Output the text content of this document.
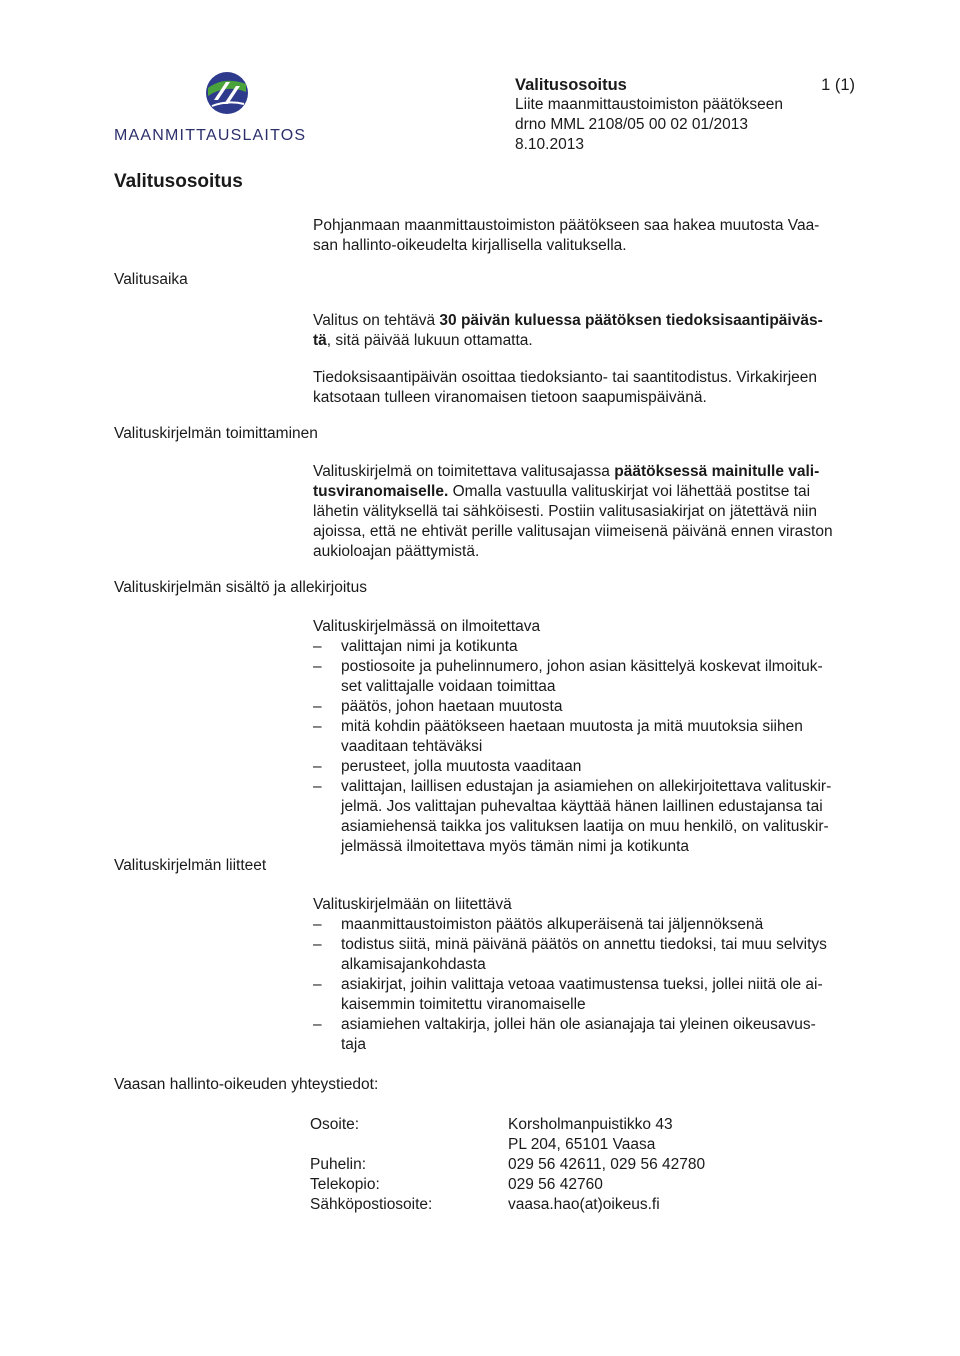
MAANMITTAUSLAITOS
Valitusosoitus	1 (1)
Liite maanmittaustoimiston päätökseen
drno MML 2108/05 00 02 01/2013
8.10.2013
Valitusosoitus
Pohjanmaan maanmittaustoimiston päätökseen saa hakea muutosta Vaa-
san hallinto-oikeudelta kirjallisella valituksella.
Valitusaika
Valituskirjelmän toimittaminen
Valituskirjelmän sisältö ja allekirjoitus
Valituskirjelmän liitteet
Vaasan hallinto-oikeuden yhteystiedot:
Valitus on tehtävä 30 päivän kuluessa päätöksen tiedoksisaantipäiväs-
tä, sitä päivää lukuun ottamatta.
Tiedoksisaantipäivän osoittaa tiedoksianto- tai saantitodistus. Virkakirjeen
katsotaan tulleen viranomaisen tietoon saapumispäivänä.
Valituskirjelmä on toimitettava valitusajassa päätöksessä mainitulle vali-
tusviranomaiselle. Omalla vastuulla valituskirjat voi lähettää postitse tai
lähetin välityksellä tai sähköisesti. Postiin valitusasiakirjat on jätettävä niin
ajoissa, että ne ehtivät perille valitusajan viimeisenä päivänä ennen viraston
aukioloajan päättymistä.
Valituskirjelmässä on ilmoitettava
– valittajan nimi ja kotikunta
– postiosoite ja puhelinnumero, johon asian käsittelyä koskevat ilmoituk-
set valittajalle voidaan toimittaa
– päätös, johon haetaan muutosta
– mitä kohdin päätökseen haetaan muutosta ja mitä muutoksia siihen
vaaditaan tehtäväksi
– perusteet, jolla muutosta vaaditaan
– valittajan, laillisen edustajan ja asiamiehen on allekirjoitettava valituskir-
jelmä. Jos valittajan puhevaltaa käyttää hänen laillinen edustajansa tai
asiamiehensä taikka jos valituksen laatija on muu henkilö, on valituskir-
jelmässä ilmoitettava myös tämän nimi ja kotikunta
Valituskirjelmään on liitettävä
– maanmittaustoimiston päätös alkuperäisenä tai jäljennöksenä
– todistus siitä, minä päivänä päätös on annettu tiedoksi, tai muu selvitys
alkamisajankohdasta
– asiakirjat, joihin valittaja vetoaa vaatimustensa tueksi, jollei niitä ole ai-
kaisemmin toimitettu viranomaiselle
– asiamiehen valtakirja, jollei hän ole asianajaja tai yleinen oikeusavus-
taja
Osoite:	Korsholmanpuistikko 43
PL 204, 65101 Vaasa
Puhelin:	029 56 42611, 029 56 42780
Telekopio:	029 56 42760
Sähköpostiosoite:	vaasa.hao(at)oikeus.fi
